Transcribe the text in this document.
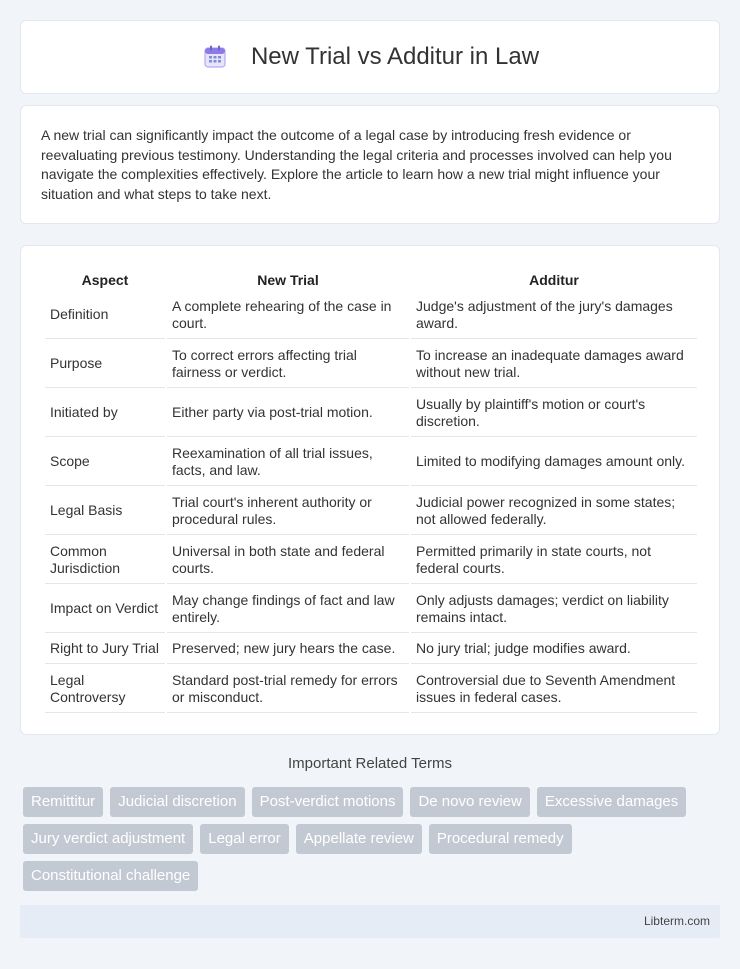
New Trial vs Additur in Law

A new trial can significantly impact the outcome of a legal case by introducing fresh evidence or reevaluating previous testimony. Understanding the legal criteria and processes involved can help you navigate the complexities effectively. Explore the article to learn how a new trial might influence your situation and what steps to take next.

Aspect	New Trial	Additur
Definition	A complete rehearing of the case in court.	Judge's adjustment of the jury's damages award.
Purpose	To correct errors affecting trial fairness or verdict.	To increase an inadequate damages award without new trial.
Initiated by	Either party via post-trial motion.	Usually by plaintiff's motion or court's discretion.
Scope	Reexamination of all trial issues, facts, and law.	Limited to modifying damages amount only.
Legal Basis	Trial court's inherent authority or procedural rules.	Judicial power recognized in some states; not allowed federally.
Common Jurisdiction	Universal in both state and federal courts.	Permitted primarily in state courts, not federal courts.
Impact on Verdict	May change findings of fact and law entirely.	Only adjusts damages; verdict on liability remains intact.
Right to Jury Trial	Preserved; new jury hears the case.	No jury trial; judge modifies award.
Legal Controversy	Standard post-trial remedy for errors or misconduct.	Controversial due to Seventh Amendment issues in federal cases.
Important Related Terms
Remittitur	Judicial discretion	Post-verdict motions	De novo review	Excessive damages
Jury verdict adjustment	Legal error	Appellate review	Procedural remedy
Constitutional challenge
Libterm.com
